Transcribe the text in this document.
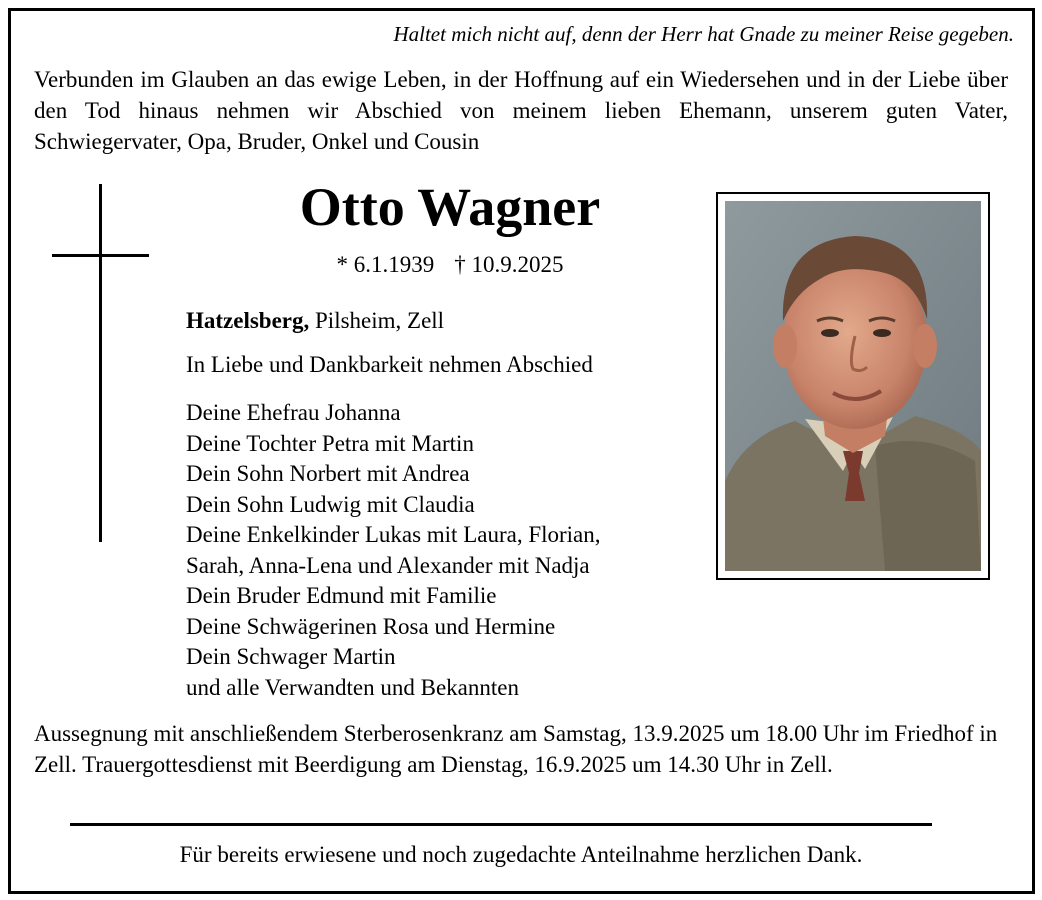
Haltet mich nicht auf, denn der Herr hat Gnade zu meiner Reise gegeben.
Verbunden im Glauben an das ewige Leben, in der Hoffnung auf ein Wiedersehen und in der Liebe über den Tod hinaus nehmen wir Abschied von meinem lieben Ehemann, unserem guten Vater, Schwiegervater, Opa, Bruder, Onkel und Cousin
Otto Wagner
* 6.1.1939 † 10.9.2025
Hatzelsberg, Pilsheim, Zell
In Liebe und Dankbarkeit nehmen Abschied
Deine Ehefrau Johanna
Deine Tochter Petra mit Martin
Dein Sohn Norbert mit Andrea
Dein Sohn Ludwig mit Claudia
Deine Enkelkinder Lukas mit Laura, Florian,
Sarah, Anna-Lena und Alexander mit Nadja
Dein Bruder Edmund mit Familie
Deine Schwägerinen Rosa und Hermine
Dein Schwager Martin
und alle Verwandten und Bekannten
Aussegnung mit anschließendem Sterberosenkranz am Samstag, 13.9.2025 um 18.00 Uhr im Friedhof in Zell. Trauergottesdienst mit Beerdigung am Dienstag, 16.9.2025 um 14.30 Uhr in Zell.
Für bereits erwiesene und noch zugedachte Anteilnahme herzlichen Dank.
